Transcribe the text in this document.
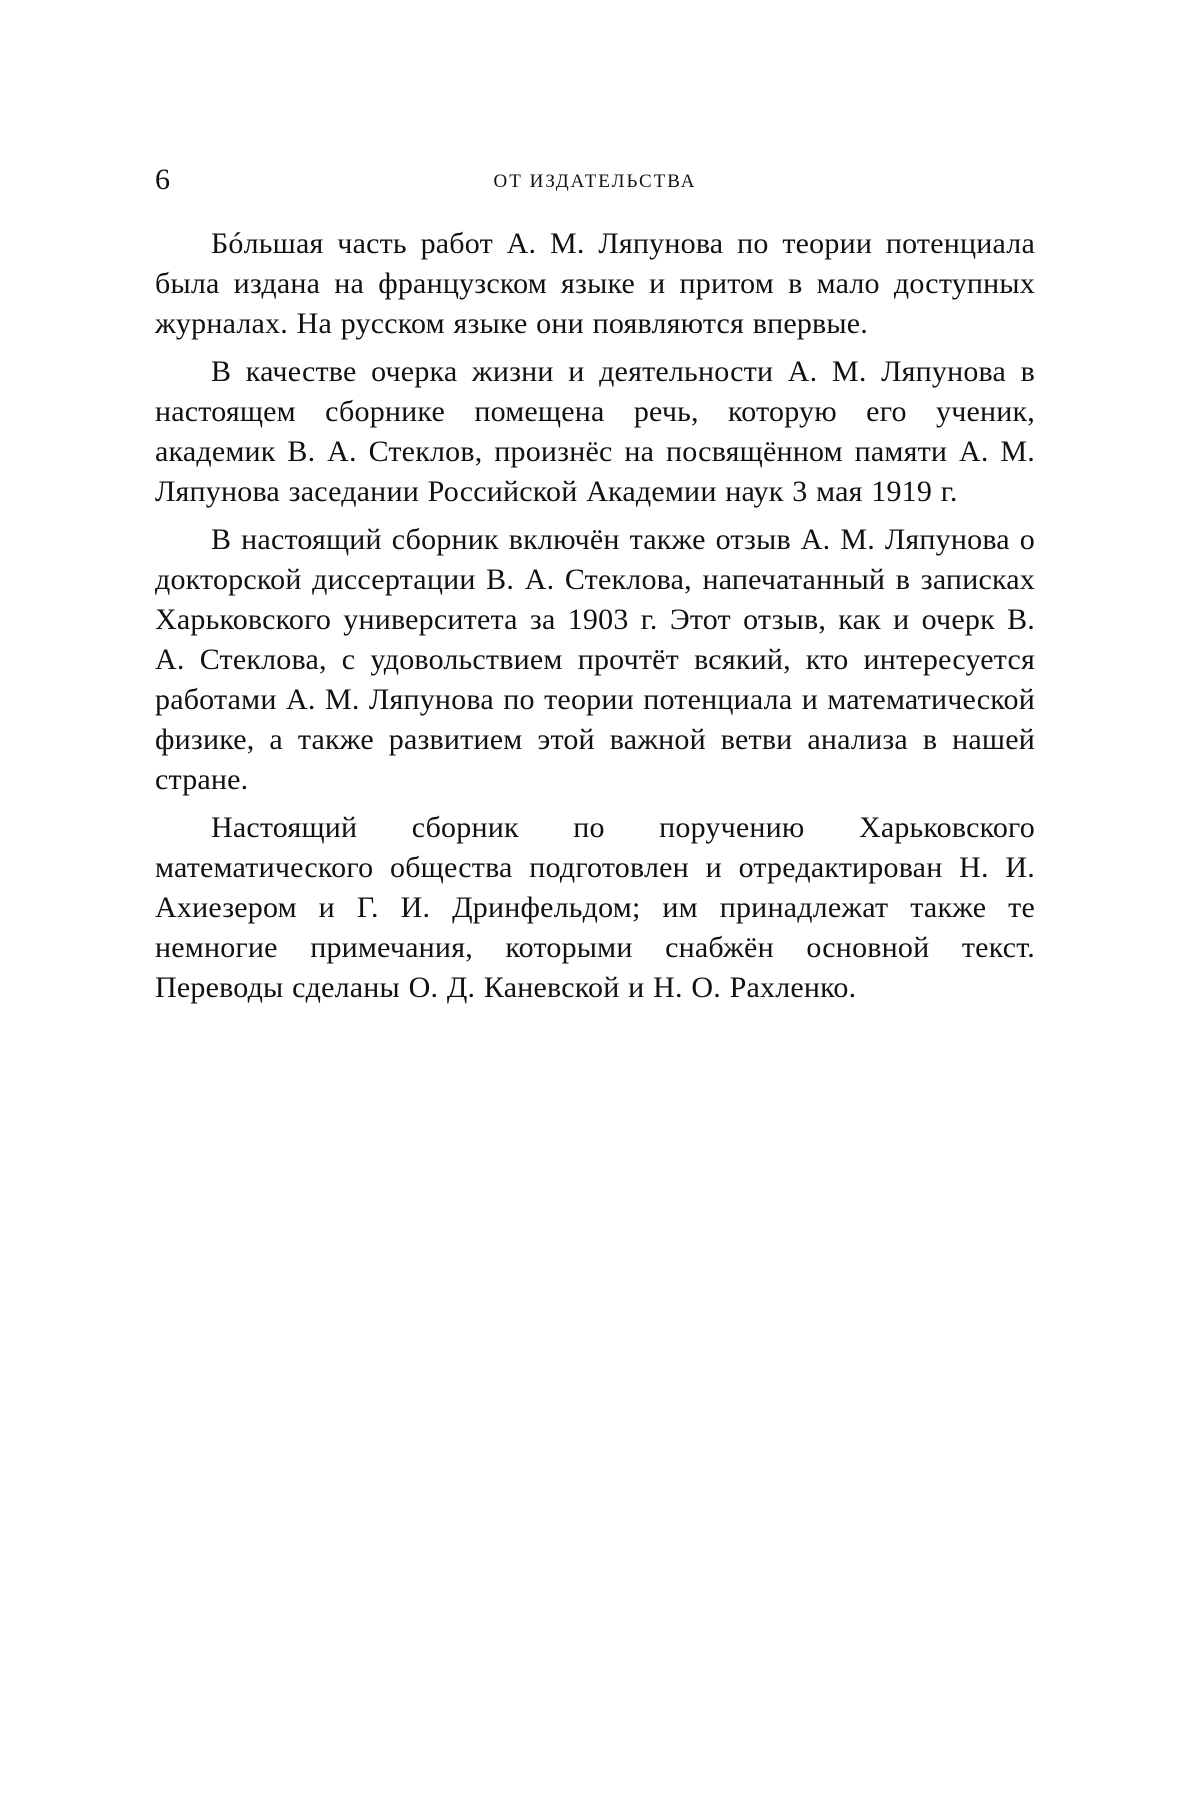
6	ОТ ИЗДАТЕЛЬСТВА

Бóльшая часть работ А. М. Ляпунова по теории потенциала была издана на французском языке и притом в мало доступных журналах. На русском языке они появляются впервые.

В качестве очерка жизни и деятельности А. М. Ляпунова в настоящем сборнике помещена речь, которую его ученик, академик В. А. Стеклов, произнёс на посвящённом памяти А. М. Ляпунова заседании Российской Академии наук 3 мая 1919 г.

В настоящий сборник включён также отзыв А. М. Ляпунова о докторской диссертации В. А. Стеклова, напечатанный в записках Харьковского университета за 1903 г. Этот отзыв, как и очерк В. А. Стеклова, с удовольствием прочтёт всякий, кто интересуется работами А. М. Ляпунова по теории потенциала и математической физике, а также развитием этой важной ветви анализа в нашей стране.

Настоящий сборник по поручению Харьковского математического общества подготовлен и отредактирован Н. И. Ахиезером и Г. И. Дринфельдом; им принадлежат также те немногие примечания, которыми снабжён основной текст. Переводы сделаны О. Д. Каневской и Н. О. Рахленко.
